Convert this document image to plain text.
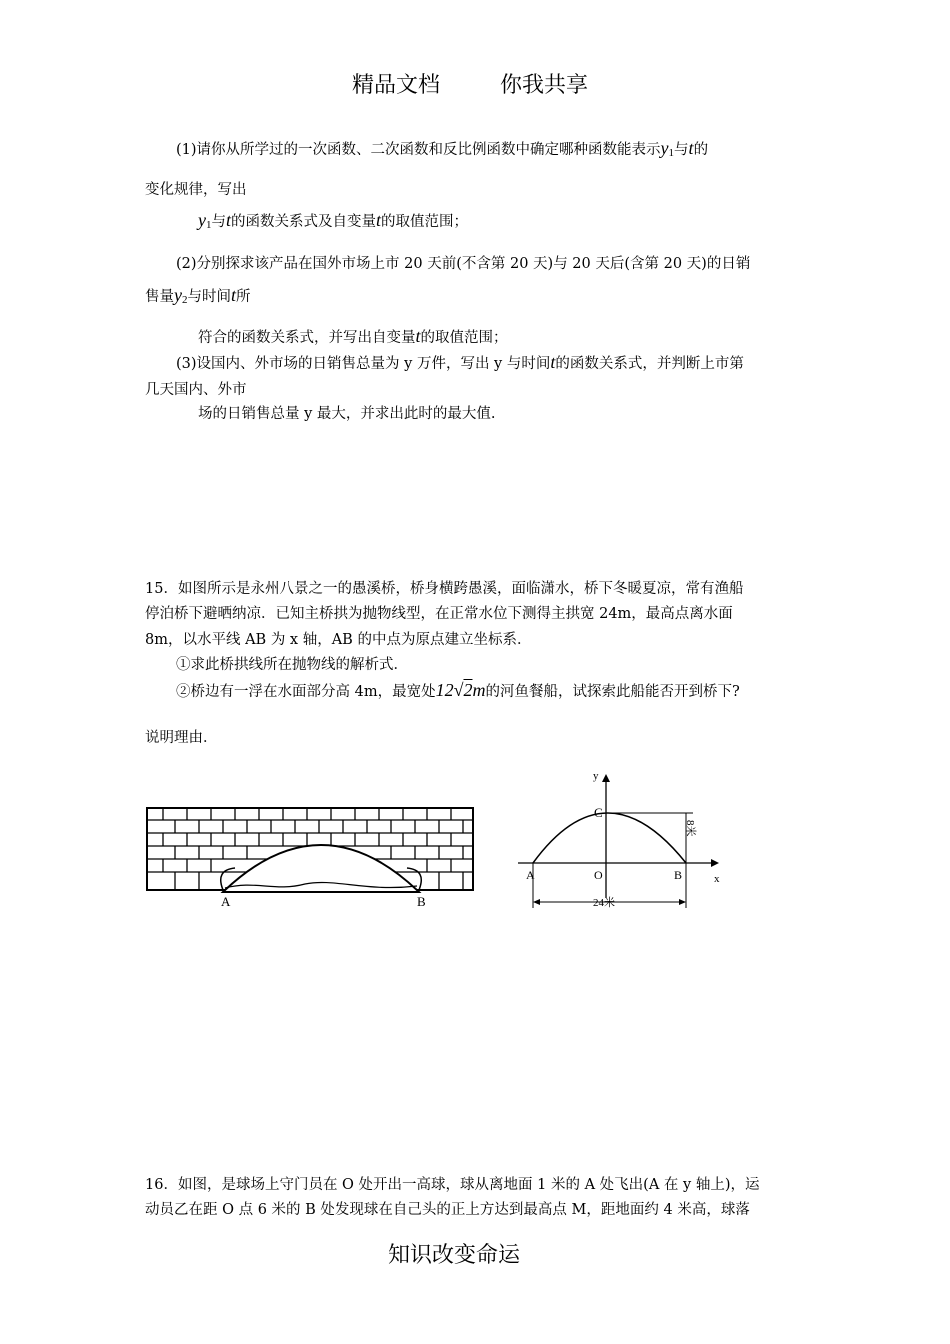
精品文档	你我共享
(1)请你从所学过的一次函数、二次函数和反比例函数中确定哪种函数能表示y1与t的
变化规律，写出
y1与t的函数关系式及自变量t的取值范围；
(2)分别探求该产品在国外市场上市 20 天前(不含第 20 天)与 20 天后(含第 20 天)的日销
售量y2与时间t所
符合的函数关系式，并写出自变量t的取值范围；
(3)设国内、外市场的日销售总量为 y 万件，写出 y 与时间t的函数关系式，并判断上市第
几天国内、外市
场的日销售总量 y 最大，并求出此时的最大值.
15．如图所示是永州八景之一的愚溪桥，桥身横跨愚溪，面临潇水，桥下冬暖夏凉，常有渔船
停泊桥下避晒纳凉．已知主桥拱为抛物线型，在正常水位下测得主拱宽 24m，最高点离水面
8m，以水平线 AB 为 x 轴，AB 的中点为原点建立坐标系．
①求此桥拱线所在抛物线的解析式．
②桥边有一浮在水面部分高 4m，最宽处12√2m的河鱼餐船，试探索此船能否开到桥下?
说明理由．
A	B
y
x
C
A	O	B
8米
24米
16．如图，是球场上守门员在 O 处开出一高球，球从离地面 1 米的 A 处飞出(A 在 y 轴上)，运
动员乙在距 O 点 6 米的 B 处发现球在自己头的正上方达到最高点 M，距地面约 4 米高，球落
知识改变命运
